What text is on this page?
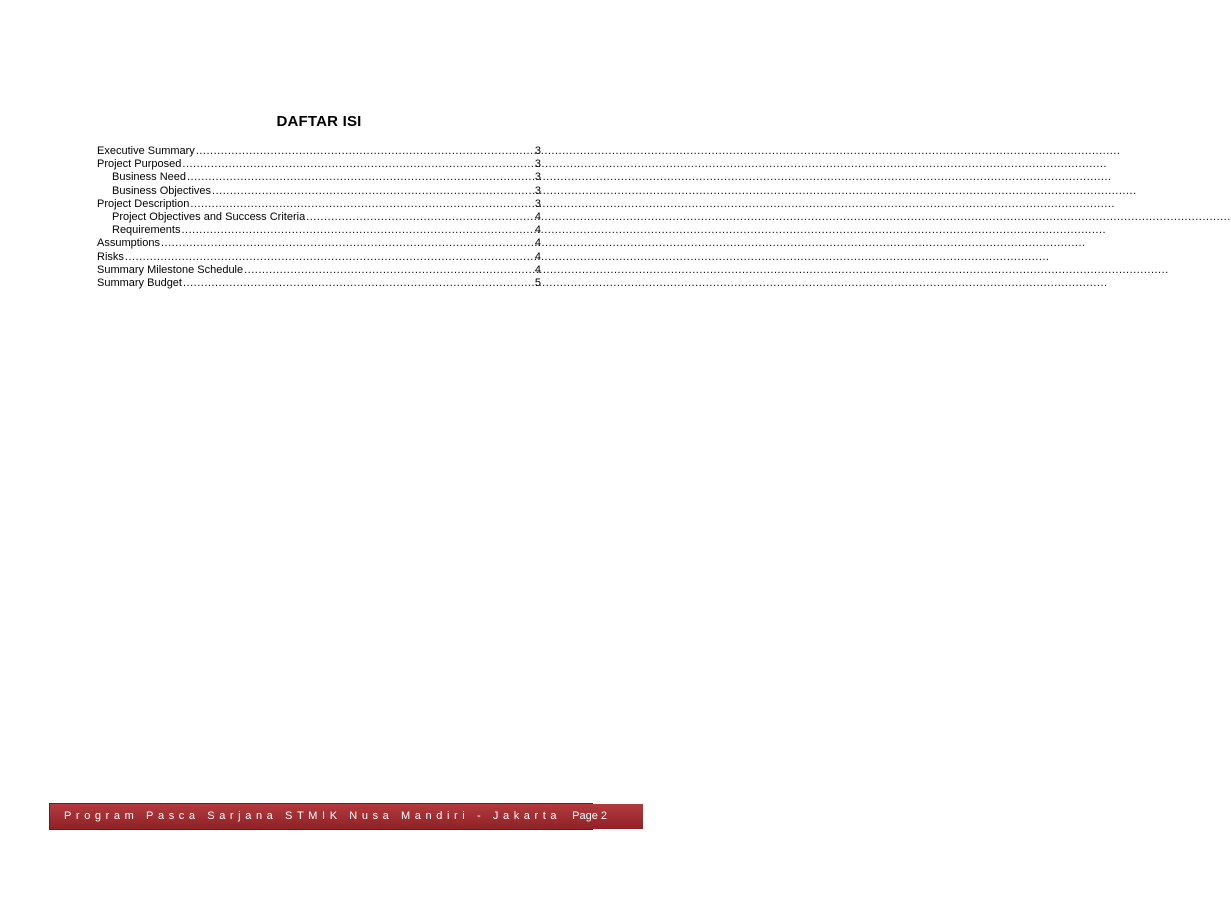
DAFTAR ISI
Executive Summary .....	3
Project Purposed .....	3
Business Need .....	3
Business Objectives .....	3
Project Description .....	3
Project Objectives and Success Criteria .....	4
Requirements .....	4
Assumptions .....	4
Risks .....	4
Summary Milestone Schedule .....	4
Summary Budget .....	5
Program Pasca Sarjana STMIK Nusa Mandiri - Jakarta	Page 2
